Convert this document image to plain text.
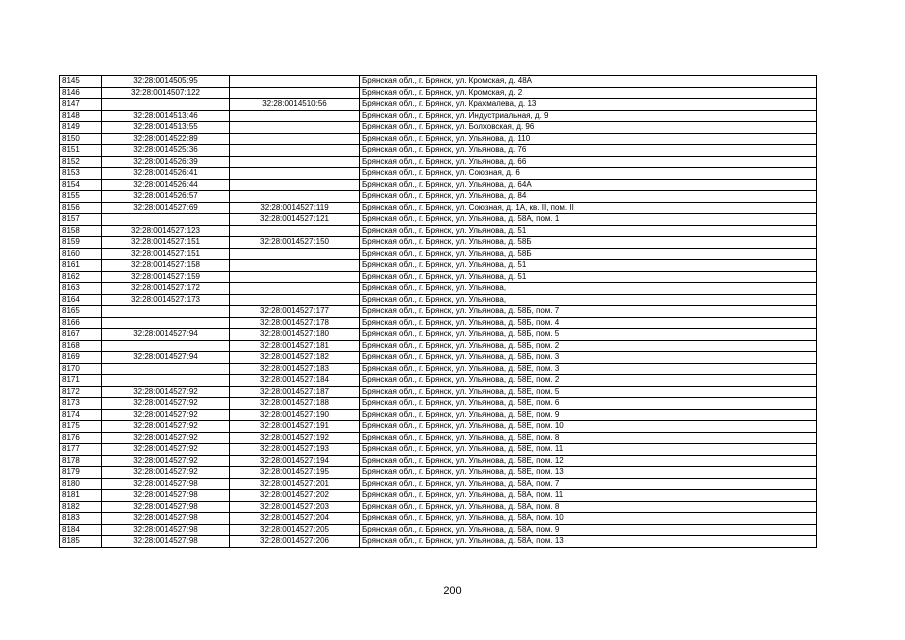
8145	32:28:0014505:95		Брянская обл., г. Брянск, ул. Кромская, д. 48А
8146	32:28:0014507:122		Брянская обл., г. Брянск, ул. Кромская, д. 2
8147		32:28:0014510:56	Брянская обл., г. Брянск, ул. Крахмалева, д. 13
8148	32:28:0014513:46		Брянская обл., г. Брянск, ул. Индустриальная, д. 9
8149	32:28:0014513:55		Брянская обл., г. Брянск, ул. Болховская, д. 96
8150	32:28:0014522:89		Брянская обл., г. Брянск, ул. Ульянова, д. 110
8151	32:28:0014525:36		Брянская обл., г. Брянск, ул. Ульянова, д. 76
8152	32:28:0014526:39		Брянская обл., г. Брянск, ул. Ульянова, д. 66
8153	32:28:0014526:41		Брянская обл., г. Брянск, ул. Союзная, д. 6
8154	32:28:0014526:44		Брянская обл., г. Брянск, ул. Ульянова, д. 64А
8155	32:28:0014526:57		Брянская обл., г. Брянск, ул. Ульянова, д. 84
8156	32:28:0014527:69	32:28:0014527:119	Брянская обл., г. Брянск, ул. Союзная, д. 1А, кв. II, пом. II
8157		32:28:0014527:121	Брянская обл., г. Брянск, ул. Ульянова, д. 58А, пом. 1
8158	32:28:0014527:123		Брянская обл., г. Брянск, ул. Ульянова, д. 51
8159	32:28:0014527:151	32:28:0014527:150	Брянская обл., г. Брянск, ул. Ульянова, д. 58Б
8160	32:28:0014527:151		Брянская обл., г. Брянск, ул. Ульянова, д. 58Б
8161	32:28:0014527:158		Брянская обл., г. Брянск, ул. Ульянова, д. 51
8162	32:28:0014527:159		Брянская обл., г. Брянск, ул. Ульянова, д. 51
8163	32:28:0014527:172		Брянская обл., г. Брянск, ул. Ульянова,
8164	32:28:0014527:173		Брянская обл., г. Брянск, ул. Ульянова,
8165		32:28:0014527:177	Брянская обл., г. Брянск, ул. Ульянова, д. 58Б, пом. 7
8166		32:28:0014527:178	Брянская обл., г. Брянск, ул. Ульянова, д. 58Б, пом. 4
8167	32:28:0014527:94	32:28:0014527:180	Брянская обл., г. Брянск, ул. Ульянова, д. 58Б, пом. 5
8168		32:28:0014527:181	Брянская обл., г. Брянск, ул. Ульянова, д. 58Б, пом. 2
8169	32:28:0014527:94	32:28:0014527:182	Брянская обл., г. Брянск, ул. Ульянова, д. 58Б, пом. 3
8170		32:28:0014527:183	Брянская обл., г. Брянск, ул. Ульянова, д. 58Е, пом. 3
8171		32:28:0014527:184	Брянская обл., г. Брянск, ул. Ульянова, д. 58Е, пом. 2
8172	32:28:0014527:92	32:28:0014527:187	Брянская обл., г. Брянск, ул. Ульянова, д. 58Е, пом. 5
8173	32:28:0014527:92	32:28:0014527:188	Брянская обл., г. Брянск, ул. Ульянова, д. 58Е, пом. 6
8174	32:28:0014527:92	32:28:0014527:190	Брянская обл., г. Брянск, ул. Ульянова, д. 58Е, пом. 9
8175	32:28:0014527:92	32:28:0014527:191	Брянская обл., г. Брянск, ул. Ульянова, д. 58Е, пом. 10
8176	32:28:0014527:92	32:28:0014527:192	Брянская обл., г. Брянск, ул. Ульянова, д. 58Е, пом. 8
8177	32:28:0014527:92	32:28:0014527:193	Брянская обл., г. Брянск, ул. Ульянова, д. 58Е, пом. 11
8178	32:28:0014527:92	32:28:0014527:194	Брянская обл., г. Брянск, ул. Ульянова, д. 58Е, пом. 12
8179	32:28:0014527:92	32:28:0014527:195	Брянская обл., г. Брянск, ул. Ульянова, д. 58Е, пом. 13
8180	32:28:0014527:98	32:28:0014527:201	Брянская обл., г. Брянск, ул. Ульянова, д. 58А, пом. 7
8181	32:28:0014527:98	32:28:0014527:202	Брянская обл., г. Брянск, ул. Ульянова, д. 58А, пом. 11
8182	32:28:0014527:98	32:28:0014527:203	Брянская обл., г. Брянск, ул. Ульянова, д. 58А, пом. 8
8183	32:28:0014527:98	32:28:0014527:204	Брянская обл., г. Брянск, ул. Ульянова, д. 58А, пом. 10
8184	32:28:0014527:98	32:28:0014527:205	Брянская обл., г. Брянск, ул. Ульянова, д. 58А, пом. 9
8185	32:28:0014527:98	32:28:0014527:206	Брянская обл., г. Брянск, ул. Ульянова, д. 58А, пом. 13
200
